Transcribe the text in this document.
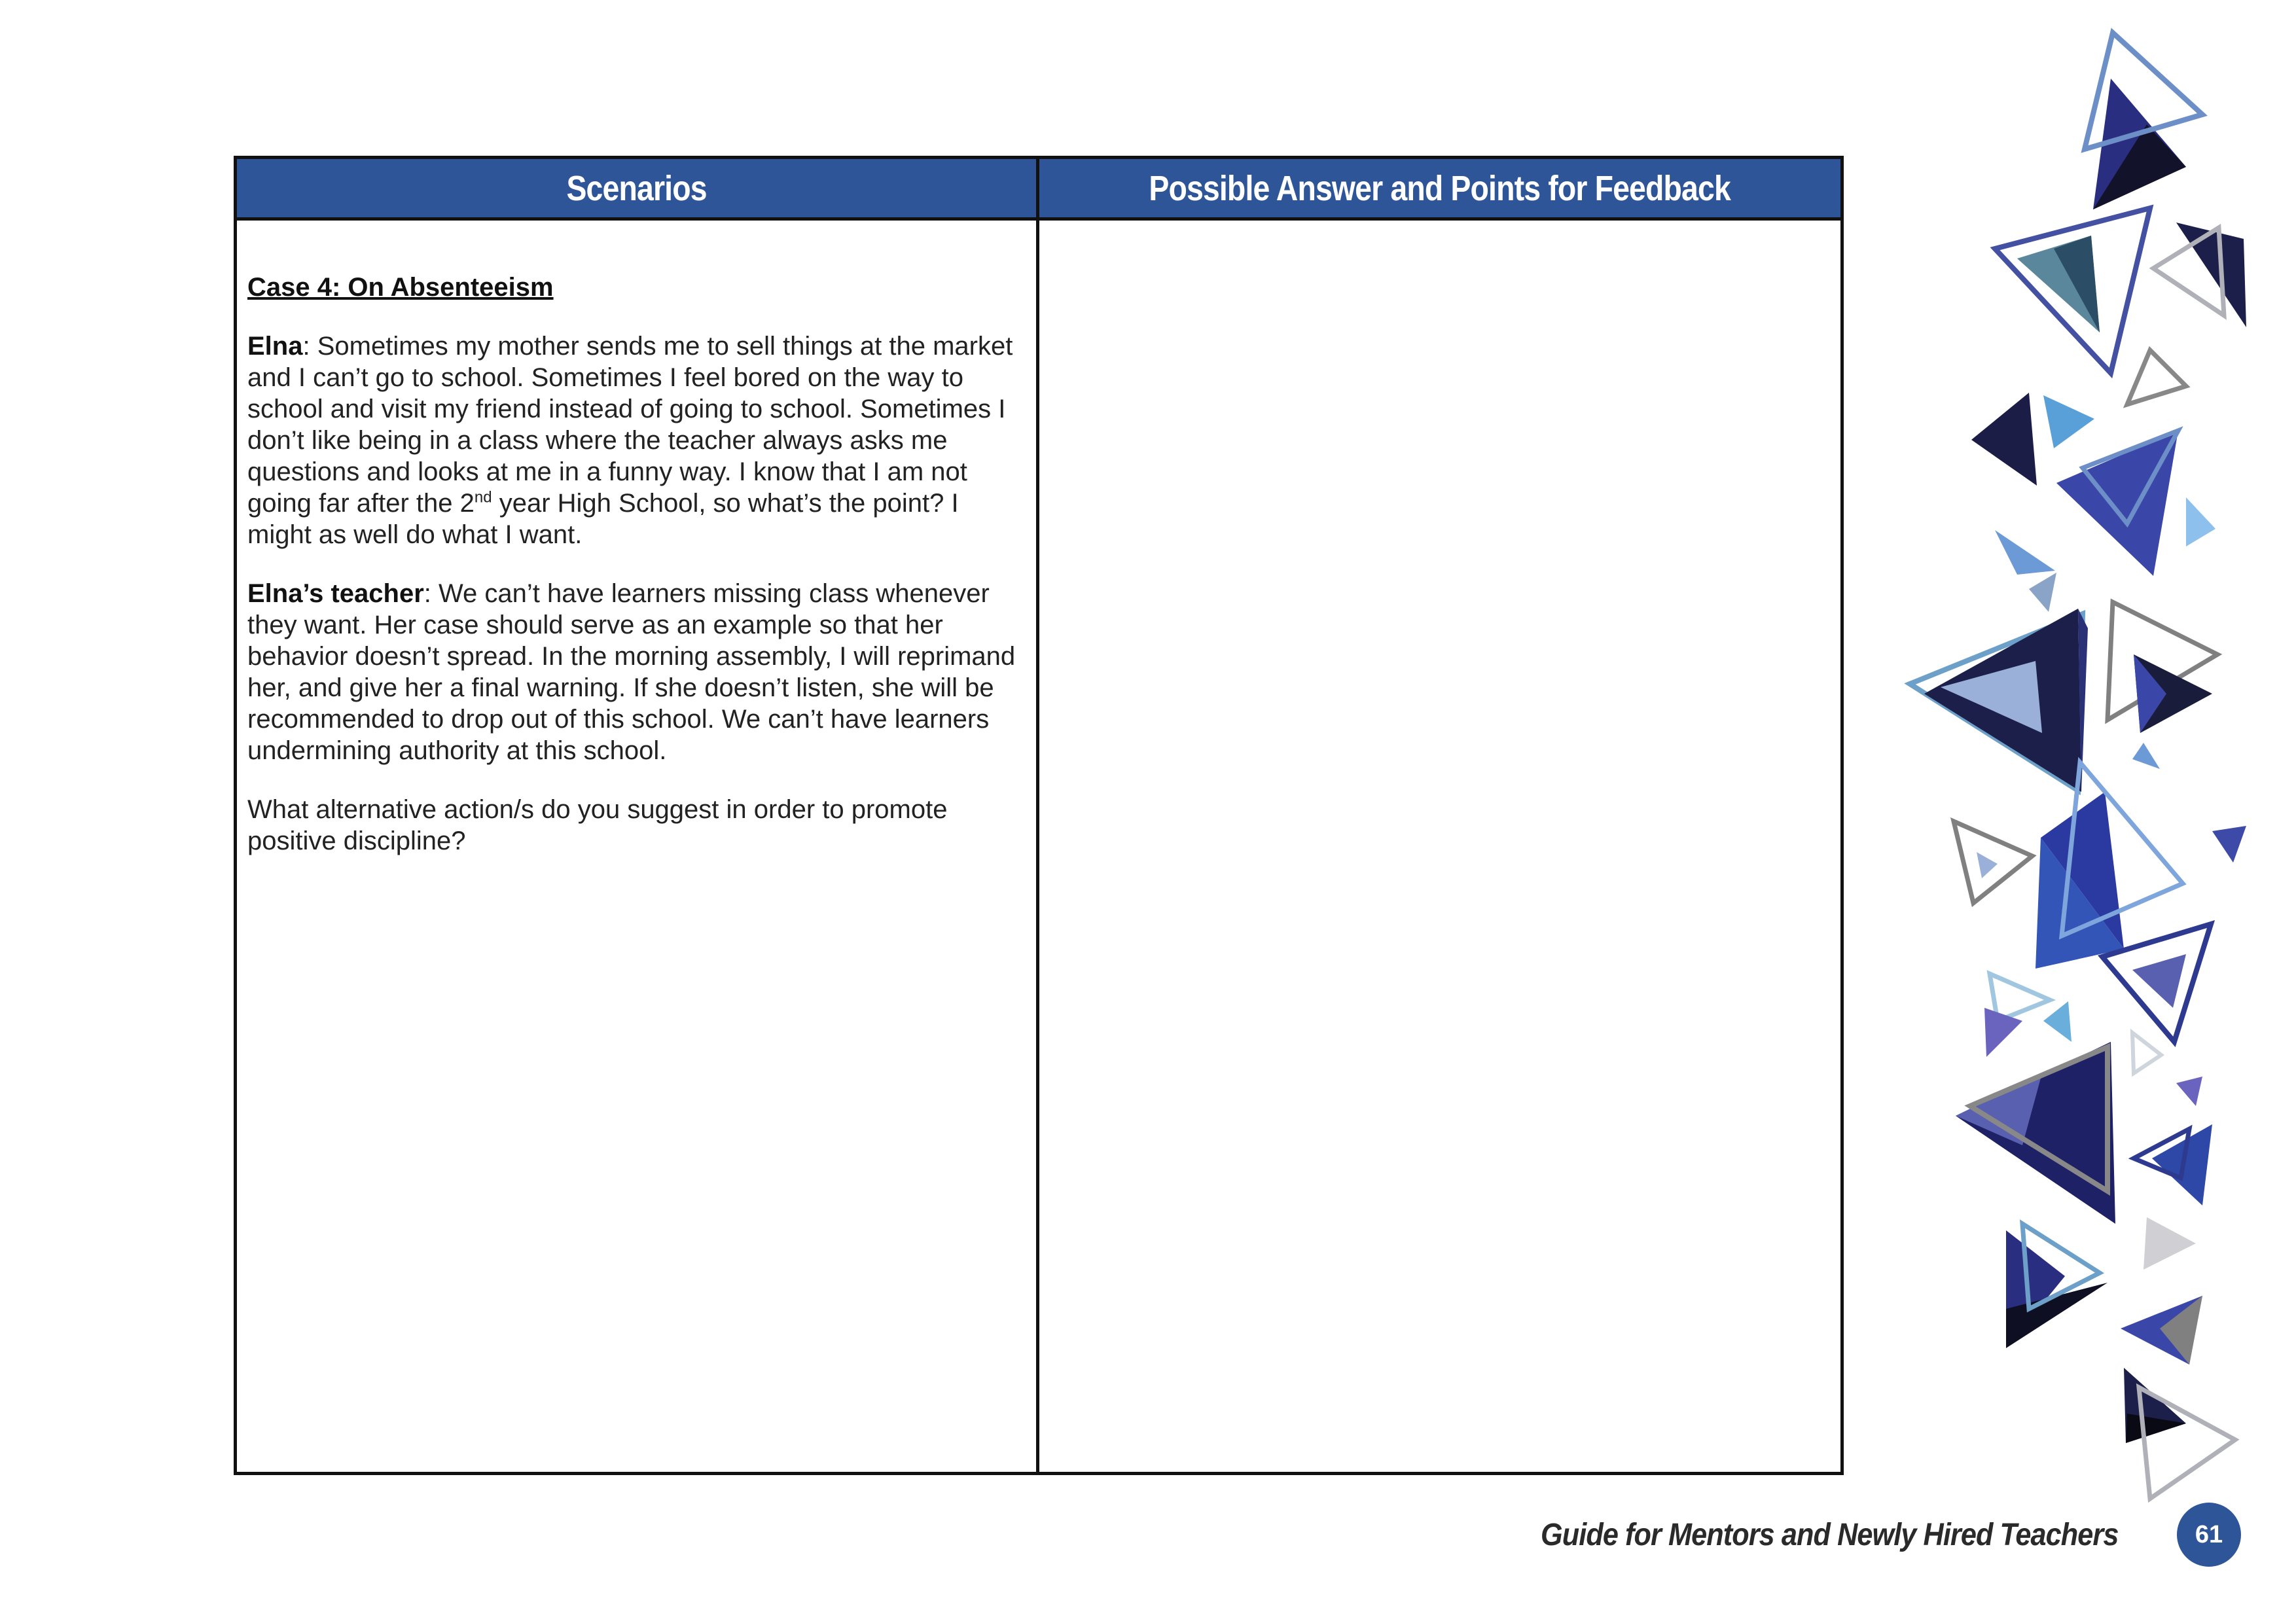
Scenarios	Possible Answer and Points for Feedback

Case 4: On Absenteeism

Elna: Sometimes my mother sends me to sell things at the market and I can’t go to school. Sometimes I feel bored on the way to school and visit my friend instead of going to school. Sometimes I don’t like being in a class where the teacher always asks me questions and looks at me in a funny way. I know that I am not going far after the 2nd year High School, so what’s the point? I might as well do what I want.

Elna’s teacher: We can’t have learners missing class whenever they want. Her case should serve as an example so that her behavior doesn’t spread. In the morning assembly, I will reprimand her, and give her a final warning. If she doesn’t listen, she will be recommended to drop out of this school. We can’t have learners undermining authority at this school.

What alternative action/s do you suggest in order to promote positive discipline?

Guide for Mentors and Newly Hired Teachers	61
